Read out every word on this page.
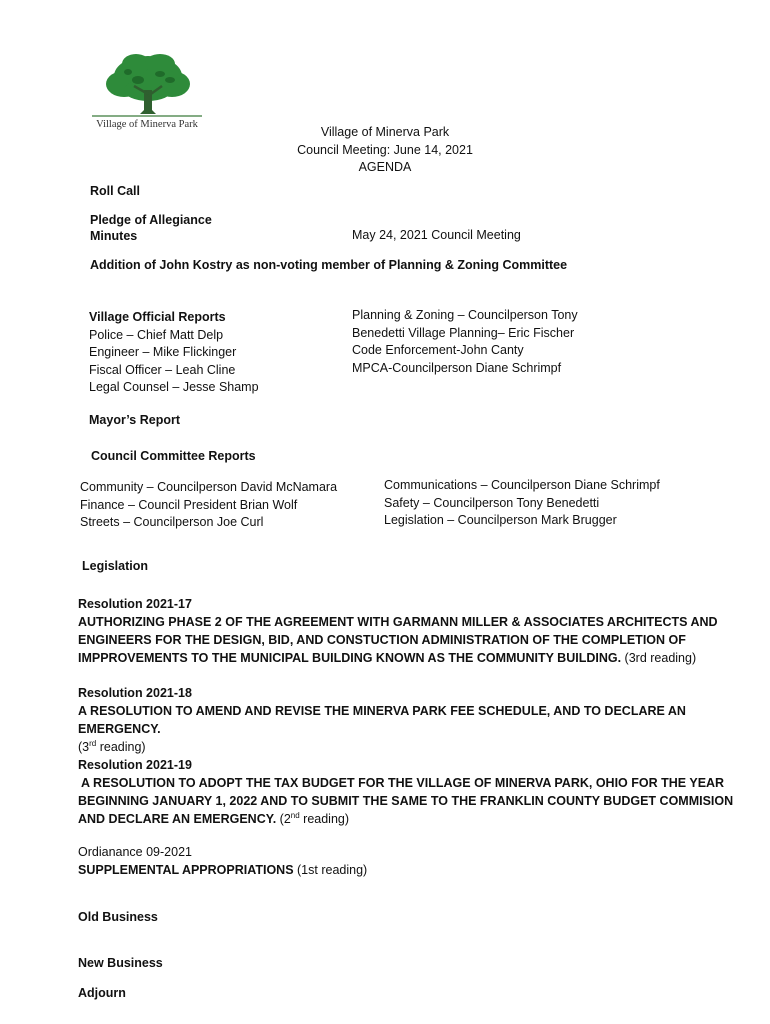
Village of Minerva Park
Village of Minerva Park
Council Meeting: June 14, 2021
AGENDA
Roll Call
Pledge of Allegiance
Minutes	May 24, 2021 Council Meeting
Addition of John Kostry as non-voting member of Planning & Zoning Committee
Village Official Reports
Police – Chief Matt Delp
Engineer – Mike Flickinger
Fiscal Officer – Leah Cline
Legal Counsel – Jesse Shamp
Planning & Zoning – Councilperson Tony
Benedetti Village Planning– Eric Fischer
Code Enforcement-John Canty
MPCA-Councilperson Diane Schrimpf
Mayor’s Report
Council Committee Reports
Community – Councilperson David McNamara
Finance – Council President Brian Wolf
Streets – Councilperson Joe Curl
Communications – Councilperson Diane Schrimpf
Safety – Councilperson Tony Benedetti
Legislation – Councilperson Mark Brugger
Legislation
Resolution 2021-17
AUTHORIZING PHASE 2 OF THE AGREEMENT WITH GARMANN MILLER & ASSOCIATES ARCHITECTS AND
ENGINEERS FOR THE DESIGN, BID, AND CONSTUCTION ADMINISTRATION OF THE COMPLETION OF
IMPPROVEMENTS TO THE MUNICIPAL BUILDING KNOWN AS THE COMMUNITY BUILDING. (3rd reading)
Resolution 2021-18
A RESOLUTION TO AMEND AND REVISE THE MINERVA PARK FEE SCHEDULE, AND TO DECLARE AN EMERGENCY.
(3rd reading)
Resolution 2021-19
A RESOLUTION TO ADOPT THE TAX BUDGET FOR THE VILLAGE OF MINERVA PARK, OHIO FOR THE YEAR
BEGINNING JANUARY 1, 2022 AND TO SUBMIT THE SAME TO THE FRANKLIN COUNTY BUDGET COMMISION
AND DECLARE AN EMERGENCY. (2nd reading)
Ordianance 09-2021
SUPPLEMENTAL APPROPRIATIONS (1st reading)
Old Business
New Business
Adjourn
